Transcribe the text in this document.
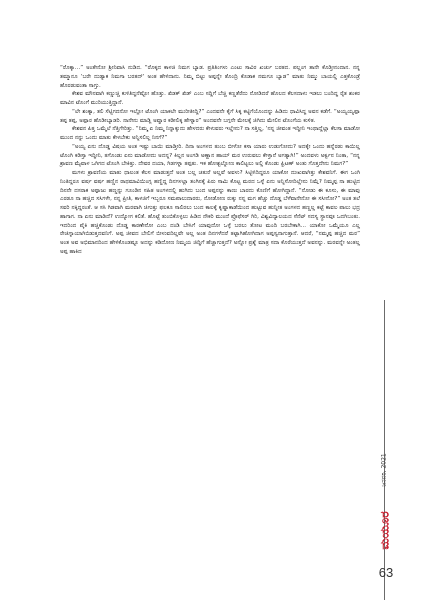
“ರೊಕ್ಕಾ…” ಅಂತೇನೋ ಶ್ರೀನಿವಾಸಿ ನುಡಿದ. “ರೊಕ್ಕದ ಕಾಳಜಿ ನಿಮಗ ಬ್ಯಾಡ. ಪ್ರತಿತಿಂಗಳು ಎಂಟು ಸಾವಿರ ಖರ್ಚು ಬರತದ. ಪಲ್ಲಂಗ ತಾನೇ ಕೊಡ್ತೀನಂದಾನ. ನನ್ನ ತಮ್ಮಾನೂ ‘ಬರೇ ದುಡ್ಯಾಕ ನಿಮಗಾ ಬರತದ್‘ ಅಂತ ಹೇಳಿದಾನು. ನಿಮ್ಮ ಬಿಟ್ಟು ಅಪ್ಪನ್ನೇ ತೊಂದ್ರಿ ಕೊಡಾಕ ನಮಗೂ ಬ್ಯಾಡ” ಮಾತು ನಿಮ್ಮು ಬಾಯಲ್ಲಿ ಎತ್ತಕೊಂಡ್ರೆ ಹೊರಡುವಂತಾ ಸಾಗ್ತು.

ಕೇಶವ ಮೌನವಾಗಿ ಕಣ್ಣುಚ್ಚಿ ಕುಳಿತಿದ್ದನೆಷ್ಟೋ ಹೊತ್ತು. ಖಿಡಕ್ ಖಿಡ್ ಎಂಬ ಸದ್ದಿಗೆ ಬೆಚ್ಚಿ ಕಣ್ಣತೆರೆದು ನೋಡಿದರೆ ಹೊಲದ ಕೆಲಸದಾಳು ಇಡಲು ಬಂದಿದ್ದ ರೈತ ಶಂಕರ ಮಾವಿನ ಟೊಂಗೆ ಮುರಿಯುತ್ತಿದ್ದಾನೆ.

“ಲೇ ಶಂಕ್ಯಾ, ತಲಿ ಸೆಟ್ಟಿಗದನೋ ಇಲ್ಲೋ ಟೊಂಗಿ ಯಾಕಲೇ ಮುರೀತೀದ್ದಿ?” ಎಂದವನೇ ಕೈಗೆ ಸಿಕ್ಕ ಕಟ್ಟಿಗೆಯೊಂದನ್ನು ಹಿಡಿದು ಧಾವಿಸಿದ್ದ ಅವನ ಕಡೆಗೆ. “ಅಯ್ಯಯ್ಯಪ್ಪಾ ತಪ್ಪ ತಪ್ಪ, ಅಪ್ಪಾರ ಹೊಡೀಬ್ಯಾಡರಿ. ನಾನೇನು ಮಾಡ್ಲಿ ಅವ್ವಾರ ಕಡೀಲಿಕ್ಕ ಹೇಳ್ಯಾರ” ಅಂದವನೇ ಬಗ್ಗನೇ ಮೇಲಕ್ಕೆ ಜಿಗಿದು ಮೇಲಿನ ಟೊಂಗೆಯ ಕುಳಿತ.

ಕೇಶವನ ಪಿತ್ತ ಒಮ್ಮೆಲೆ ನೆತ್ತಿಗೇರಿತ್ತು. “ನಿಮ್ಮ ಏ ನಿಮ್ಮ ನಿನ್ನಾಕ್ಕುದು ಹೇಳದರು ಕೇಳುವರು ಇಲ್ಲೇನು? ನಾ ಸತ್ತಿಲ್ಲ, ‘ನನ್ನ ಜೀವಂತ ಇದ್ದೀನಿ ಇಂಥಾದ್ದೆಲ್ಲಾ ಕೆಲಸಾ ಮಾಡೋ ಮುಂದ ನನ್ನು ಒಂದು ಮಾತು ಕೇಳಬೇಕು ಅನ್ನಿಸಲಿಲ್ಲ ನಿನಗೆ?”

“ಅಯ್ಯ ಏನು ದೊಡ್ಡ ವಿಷಯ ಅಂತ ಇಷ್ಟು ಬಾಯಿ ಮಾಡ್ತೀರಿ. ದಿನಾ ಅಂಗಳದ ತುಂಬ ಬೀಳೋ ಕಸಾ ಯಾರು ಉಡುಗೋದು? ಅದಕ್ಕೇ ಒಂದು ಹನ್ನೆರಡು ಕಾಯಿಲ್ಲ ಟೊಂಗಿ ಕಡಿಸ್ತಾ ಇದ್ದೀನಿ, ತಗೊಂಡು ಏನು ಮಾಡೋದು ಅದನ್ನ? ಕಿಲ್ಲನ ಅಂಗಡಿ ಅಣ್ಣಾನ ಹಾಯ್ ಮರ ಉರುವಲು ಕೇಳ್ತಾನೆ ಅಗತ್ಯಾಗಿ!” ಅಂದವಳು ಅರ್ಕ್ವನ ನಿಂತಾ, “ನನ್ನ ಶ್ರಾವಣ ಮ್ಯೆವಾಳ ಒಗಿಗದ ಟೊಂಗಿ ಬೇಕಿತ್ತು. ದೇವರ ದಯಾ, ಗಿಡಗಳ್ನಾ ತಪ್ಪತು. ಇಕ ಹೋಶ್ಟಲ್ನೋಣ ಕಾಲಿಟ್ಟಲು ಅಲ್ಲಿ ಕೊಂಡು ಫ್ರಿಟಣ್ ಅಂತು ಗೊತ್ತದೇನು ನಿಮಗ?”

ಮಗಳು ಶ್ರಾವಣಿಯ ಮಾತು ಧಾಲಂತ ಕೆಲಸ ಮಾಡುತ್ತದೆ ಅಂತ ಬಲ್ಲ ಚತುರೆ ಅಲ್ಲವೆ ಅವಳು? ಸಿಟ್ಟಿಳಿದಿದ್ದರೂ ಯಾಕೋ ದುಃಖವಾಗಿತ್ತು ಕೇಶವನಿಗೆ. ಈಗ ಒಂಗಿ ನಿಂತಿದ್ದರೂ ವರ್ಷ ವರ್ಷ ಹಣ್ಣಿನ ರಾಥಮಾವಿಯಿಂಗ್ಸ ಹಣ್ಣಿದ್ದ ದಿನಗಳಲ್ಲಾ ತಂಗಿನಕ್ಕೆ ಪಿರು ಸಾಮಿ ಕೊಟ್ಟ ಮರದ ಒಳ್ಳೆ ಏನು ಅನ್ನಿಸೋದಿಲ್ಲೇನು ನಿಮ್ಗೆ? ನಿಮ್ಮಪ್ಪ ನಾ ಹುಟ್ಟಿದ ದಿನನೇ ದಸರಾಕ ಅಪ್ಪಾಜು ಹಣ್ಣನ್ನು ಗೂಂಡಿನ ಸಹಿತ ಅಂಗಳದಲ್ಲಿ ಹುಗಿದು ಬಂದ ಅಪ್ಪನನ್ನು ಕಾಣು ಬಾರದು ಕೊಣಿಗೆ ಹೋಗಿದ್ದಾನೆ. “ನೋಡು ಈ ಕೂಸು, ಈ ಮಾವು ಎರಡೂ ನಾ ಹಚ್ಚಿದ ಸಸಿಗಳೇ, ನನ್ನ ಪ್ರೀತಿ, ಕಾಳಜಿಗೆ ಇಬ್ಬರೂ ಸಮಪಾಲುದಾರರು, ನೋಡೋಣ ರುಕ್ಕು ನನ್ನ ಮಗ ಹೆಚ್ಚು ದೊಡ್ಡ ಬೆಳೆವಾನೇನೋ ಈ ಸಸೀನೋ?” ಅಂತ ತಲೆ ಸವರಿ ನಕ್ಕಿದ್ದರಂತೆ. ಆ ಸಸಿ ಗಿಡವಾಗಿ ಮರವಾಗಿ ಚಿಗುತ್ತು ಫಲಕೂ ಸಾಲಿರಲು ಬಂದ ಕಾಲಕ್ಕೆ ಕೃಷ್ಣಾಕಾಡೆಯಿಂದ ಹುಟ್ಟುವ ಹುನ್ನೀತ ಅಂಗಳದ ಹಣ್ಣಲ್ಲ ಕಟ್ಟೆ ಕಾವಲ ಪಾಲು ಭದ್ರ ಹಾಗಾಗ. ನಾ ಏನು ಮಾಡಿದೆ? ಉದ್ಯೋಗ ಕಲಿತೆ. ಹೊಟ್ಟೆ ತುಂಬಿಕೊಳ್ಳಲು ಹಿಡಿದ ನೌಕರಿ ಮುಂದೆ ಪ್ರೊಫೆಸರ್ ಗಿರಿ, ವಿಶ್ವವಿದ್ಯಾಲಯದ ಸೆನೆಟ್ ಸದಸ್ಯ ಸ್ಥಾನವೂ ಒದಗಿಬಂತು. ಇದರಿಂದ ಪೈಕಿ ಹಚ್ಚಿಕೊಂಡು ದೊಡ್ಡ ಕಾರಣೇನೋ ಎಂಬ ದಂಡಿ ಬೇಸಿಗೆ ಯಾವುದೋ ಒಳ್ಳೆ ಬರಲು ತೋಟ ಮಂದಿ ಬರಬೇಕಾಗಿ… ಯಾಕೋ ಒಮ್ಮೆಯೂ ಎಲ್ಲ ರೇಜಿಗ್ನಾಯಾಗಿಬಿಡುತ್ತದವನಿಗೆ. ಅಪ್ಪ ಜೀವದ ಬೇಲಿಗೆ ಬೀಳುವದಿಲ್ಲವೇ ಅಲ್ಲ ಅಂತ ದಿನಗಳೆದರೆ ತಟ್ಟಾಗಿಹೋಗಿದಾಗ ಅಪ್ಪಸ್ವನಾಗುತ್ತಾನೆ. ಆದರೆ, “ನಮ್ಮಪ್ಪ ಹಚ್ಚಿದ ಮರ” ಅಂತ ಅವ ಅಭಿಮಾನದಿಂದ ಹೇಳಿಕೊಂಡಷ್ಟೂ ಅದನ್ನು ಕಡಿದೋಣ ನಿಮ್ಮಯ ಜಿದ್ದಿಗೆ ಹೆಚ್ಚಾಗುತ್ತದೆ? ಅನ್ನೋ ಪ್ರಶ್ನೆ ಮಾತ್ರ ಸದಾ ಕೊರೆಯುತ್ತದೆ ಅವನನ್ನು. ಮರವನ್ನೇ ಅಂತಲ್ಲ ಅಪ್ಪ ಹಾಕಿದ

ಜನವರಿ, 2021
ಮಯೂರ
63
